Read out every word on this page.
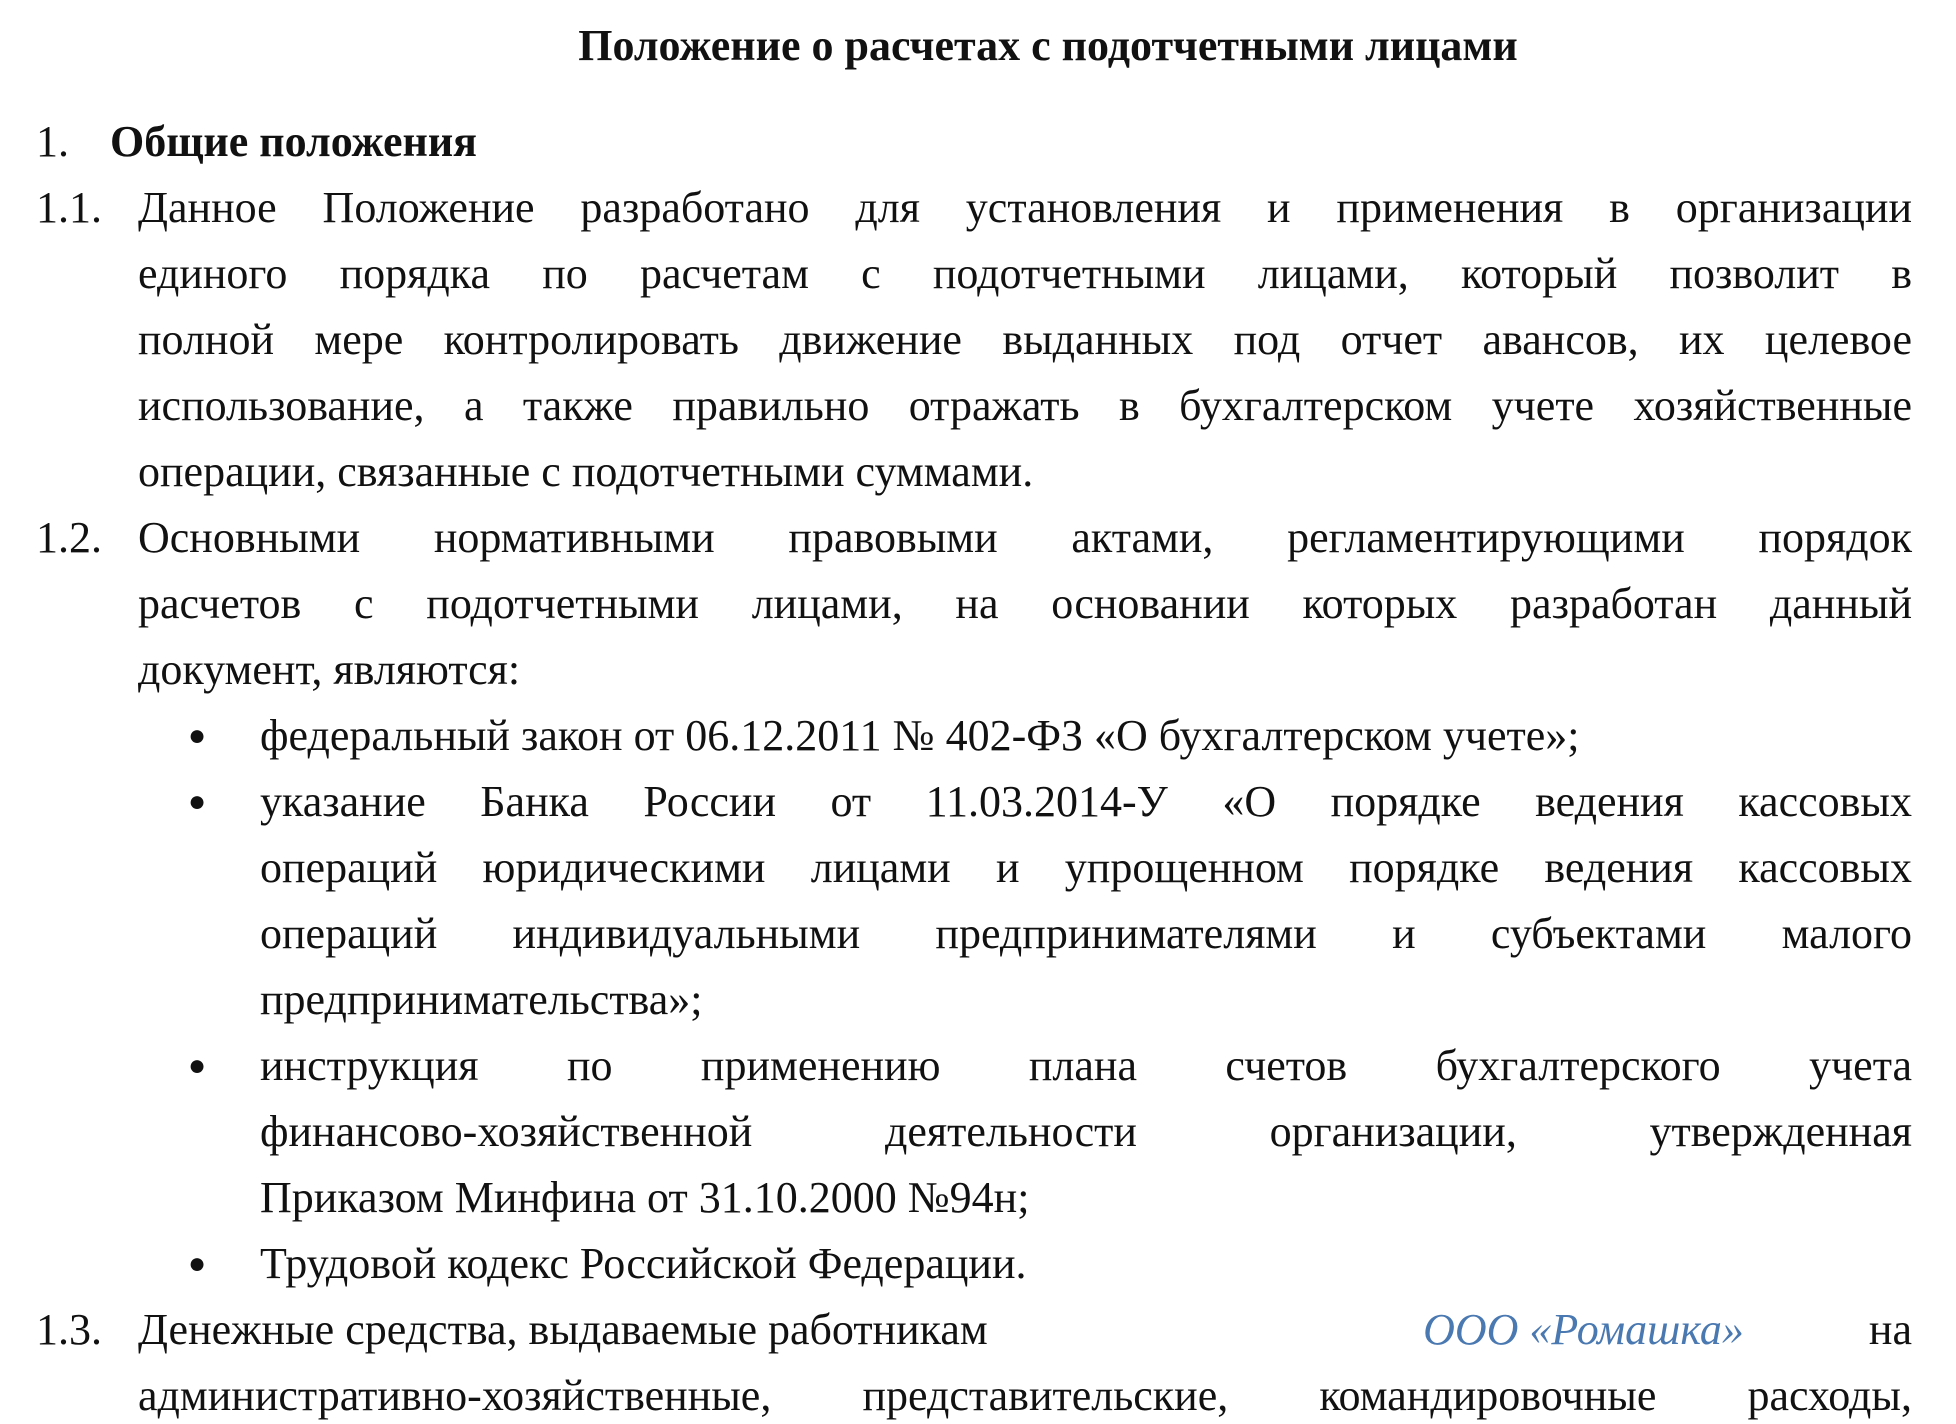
Положение о расчетах с подотчетными лицами
1. Общие положения
1.1. Данное Положение разработано для установления и применения в организации
единого порядка по расчетам с подотчетными лицами, который позволит в
полной мере контролировать движение выданных под отчет авансов, их целевое
использование, а также правильно отражать в бухгалтерском учете хозяйственные
операции, связанные с подотчетными суммами.
1.2. Основными нормативными правовыми актами, регламентирующими порядок
расчетов с подотчетными лицами, на основании которых разработан данный
документ, являются:
● федеральный закон от 06.12.2011 № 402-ФЗ «О бухгалтерском учете»;
● указание Банка России от 11.03.2014-У «О порядке ведения кассовых
операций юридическими лицами и упрощенном порядке ведения кассовых
операций индивидуальными предпринимателями и субъектами малого
предпринимательства»;
● инструкция по применению плана счетов бухгалтерского учета
финансово-хозяйственной деятельности организации, утвержденная
Приказом Минфина от 31.10.2000 №94н;
● Трудовой кодекс Российской Федерации.
1.3. Денежные средства, выдаваемые работникам	ООО «Ромашка»	на
административно-хозяйственные, представительские, командировочные расходы,
